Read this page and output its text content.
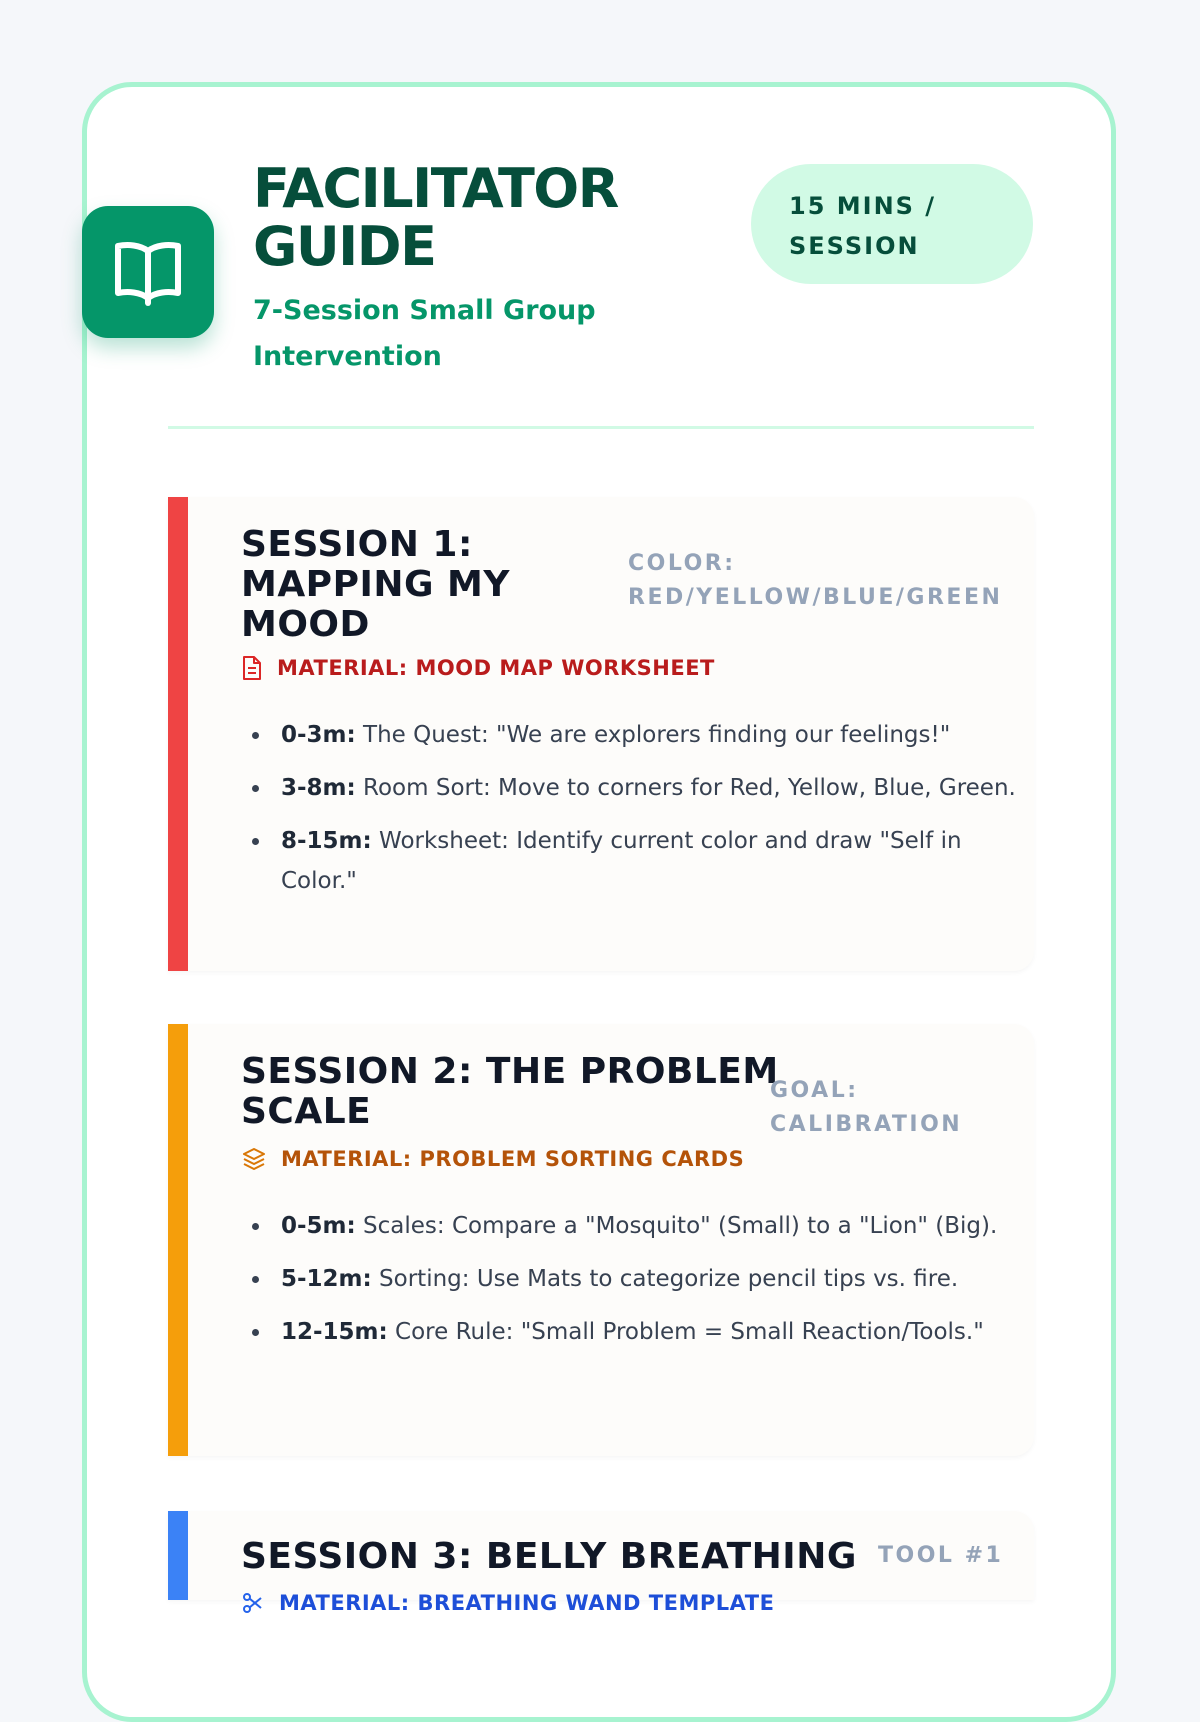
FACILITATOR GUIDE
7-Session Small Group Intervention
15 MINS / SESSION
SESSION 1: MAPPING MY MOOD
COLOR: RED/YELLOW/BLUE/GREEN
MATERIAL: MOOD MAP WORKSHEET
0-3m: The Quest: "We are explorers finding our feelings!"
3-8m: Room Sort: Move to corners for Red, Yellow, Blue, Green.
8-15m: Worksheet: Identify current color and draw "Self in Color."
SESSION 2: THE PROBLEM SCALE
GOAL: CALIBRATION
MATERIAL: PROBLEM SORTING CARDS
0-5m: Scales: Compare a "Mosquito" (Small) to a "Lion" (Big).
5-12m: Sorting: Use Mats to categorize pencil tips vs. fire.
12-15m: Core Rule: "Small Problem = Small Reaction/Tools."
SESSION 3: BELLY BREATHING TOOL #1
MATERIAL: BREATHING WAND TEMPLATE
